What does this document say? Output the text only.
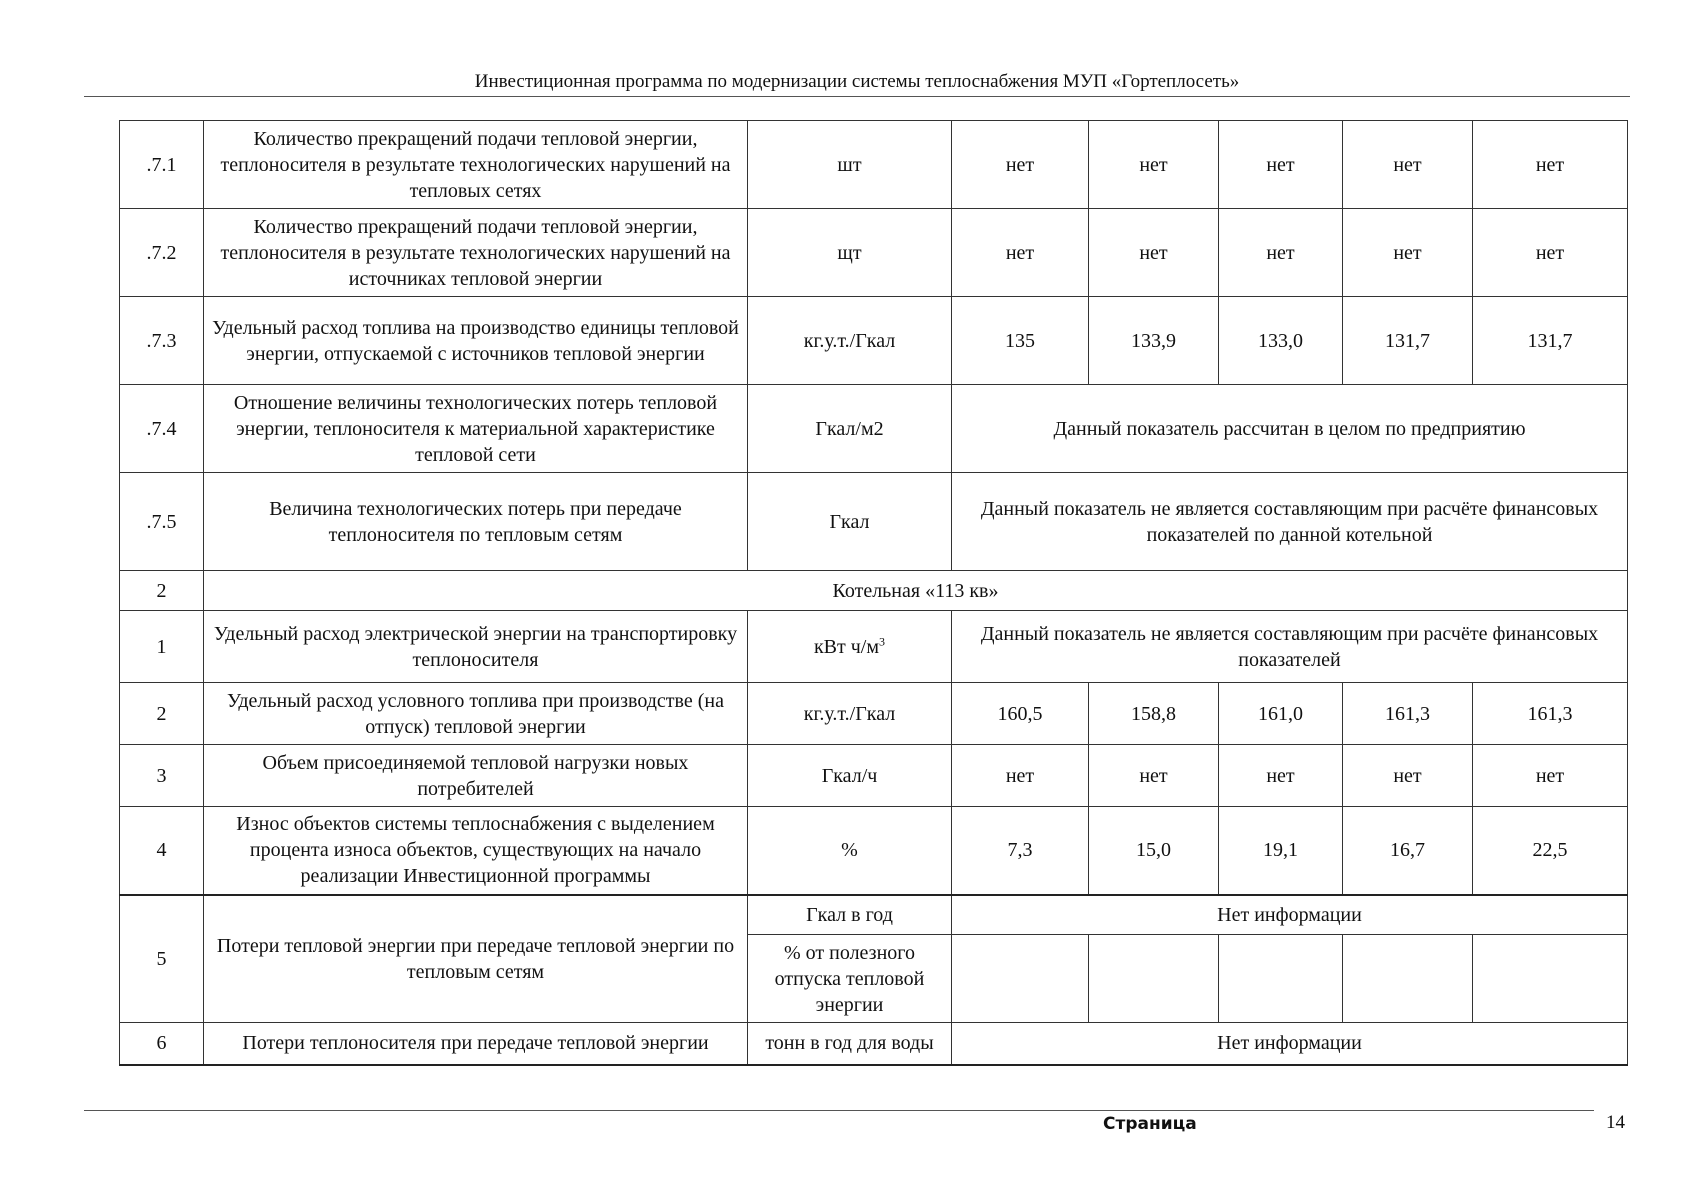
Инвестиционная программа по модернизации системы теплоснабжения МУП «Гортеплосеть»
.7.1	Количество прекращений подачи тепловой энергии, теплоносителя в результате технологических нарушений на тепловых сетях	шт	нет	нет	нет	нет	нет
.7.2	Количество прекращений подачи тепловой энергии, теплоносителя в результате технологических нарушений на источниках тепловой энергии	щт	нет	нет	нет	нет	нет
.7.3	Удельный расход топлива на производство единицы тепловой энергии, отпускаемой с источников тепловой энергии	кг.у.т./Гкал	135	133,9	133,0	131,7	131,7
.7.4	Отношение величины технологических потерь тепловой энергии, теплоносителя к материальной характеристике тепловой сети	Гкал/м2	Данный показатель рассчитан в целом по предприятию				
.7.5	Величина технологических потерь при передаче теплоносителя по тепловым сетям	Гкал	Данный показатель не является составляющим при расчёте финансовых показателей по данной котельной				
2	Котельная «113 кв»						
1	Удельный расход электрической энергии на транспортировку теплоносителя	кВт $ч/м^3$	Данный показатель не является составляющим при расчёте финансовых показателей				
2	Удельный расход условного топлива при производстве (на отпуск) тепловой энергии	кг.у.т./Гкал	160,5	158,8	161,0	161,3	161,3
3	Объем присоединяемой тепловой нагрузки новых потребителей	Гкал/ч	нет	нет	нет	нет	нет
4	Износ объектов системы теплоснабжения с выделением процента износа объектов, существующих на начало реализации Инвестиционной программы	%	7,3	15,0	19,1	16,7	22,5
5	Потери тепловой энергии при передаче тепловой энергии по тепловым сетям	Гкал в год	Нет информации				
		% от полезного отпуска тепловой энергии					
6	Потери теплоносителя при передаче тепловой энергии	тонн в год для воды	Нет информации				
Страница	14
